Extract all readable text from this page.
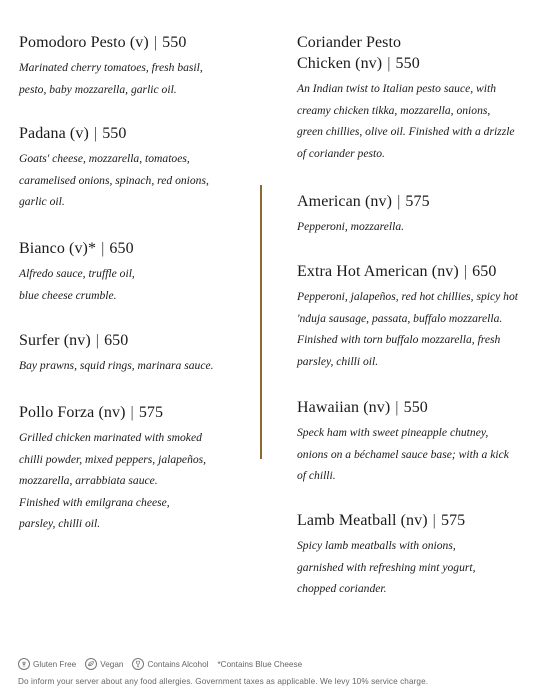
Pomodoro Pesto (v) | 550

Marinated cherry tomatoes, fresh basil,
pesto, baby mozzarella, garlic oil.

Padana (v) | 550

Goats' cheese, mozzarella, tomatoes,
caramelised onions, spinach, red onions,
garlic oil.

Bianco (v)* | 650

Alfredo sauce, truffle oil,
blue cheese crumble.

Surfer (nv) | 650

Bay prawns, squid rings, marinara sauce.

Pollo Forza (nv) | 575

Grilled chicken marinated with smoked
chilli powder, mixed peppers, jalapeños,
mozzarella, arrabbiata sauce.
Finished with emilgrana cheese,
parsley, chilli oil.

Coriander Pesto
Chicken (nv) | 550

An Indian twist to Italian pesto sauce, with
creamy chicken tikka, mozzarella, onions,
green chillies, olive oil. Finished with a drizzle
of coriander pesto.

American (nv) | 575

Pepperoni, mozzarella.

Extra Hot American (nv) | 650

Pepperoni, jalapeños, red hot chillies, spicy hot
'nduja sausage, passata, buffalo mozzarella.
Finished with torn buffalo mozzarella, fresh
parsley, chilli oil.

Hawaiian (nv) | 550

Speck ham with sweet pineapple chutney,
onions on a béchamel sauce base; with a kick
of chilli.

Lamb Meatball (nv) | 575

Spicy lamb meatballs with onions,
garnished with refreshing mint yogurt,
chopped coriander.

Gluten Free	Vegan	Contains Alcohol *Contains Blue Cheese
Do inform your server about any food allergies. Government taxes as applicable. We levy 10% service charge.
